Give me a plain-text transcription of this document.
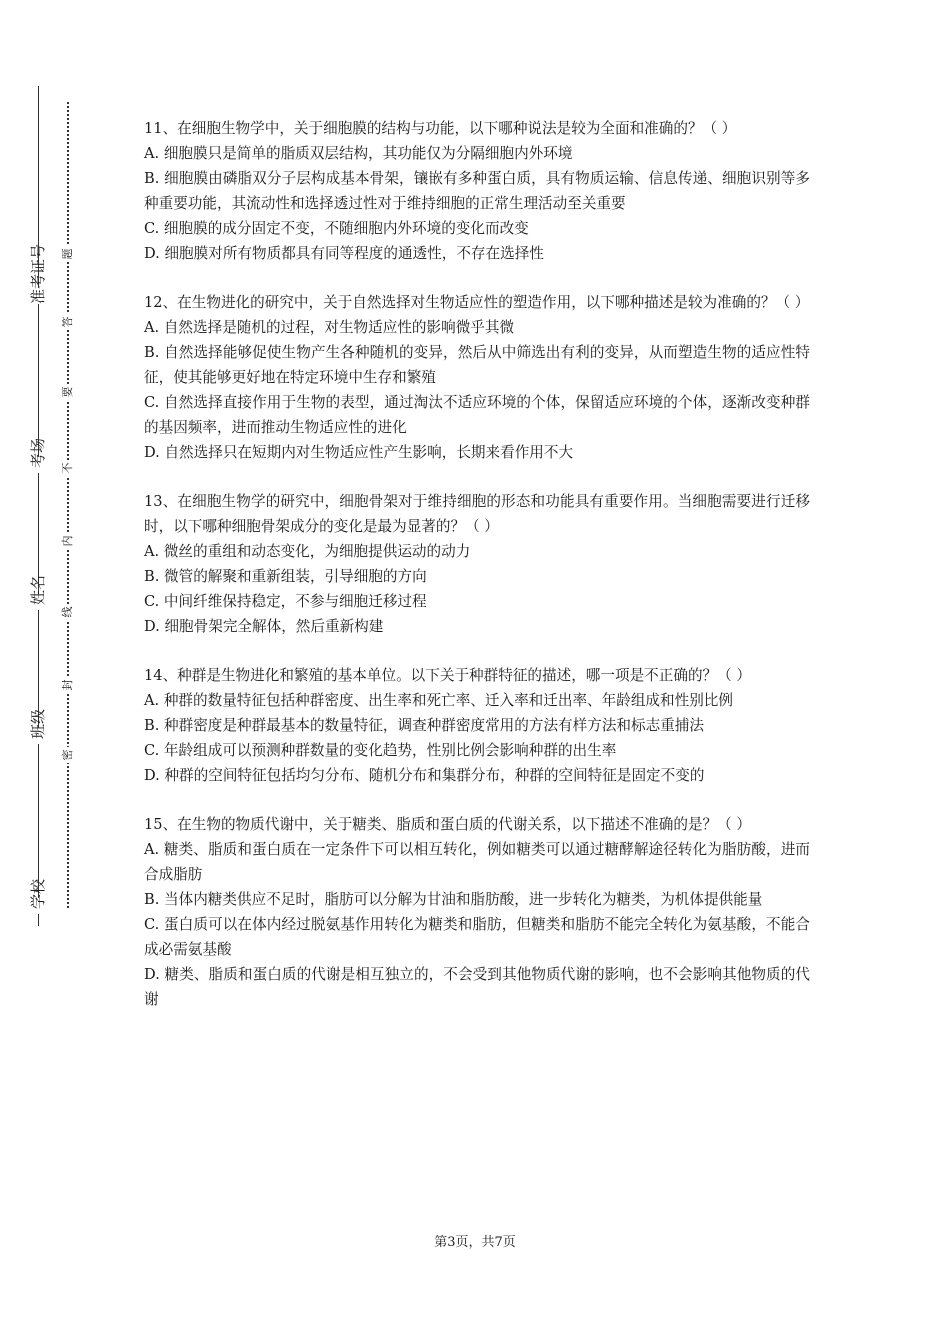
准考证号
考场
姓名
班级
学校
题
答
要
不
内
线
封
密

11、在细胞生物学中，关于细胞膜的结构与功能，以下哪种说法是较为全面和准确的？（ ）

A. 细胞膜只是简单的脂质双层结构，其功能仅为分隔细胞内外环境

B. 细胞膜由磷脂双分子层构成基本骨架，镶嵌有多种蛋白质，具有物质运输、信息传递、细胞识别等多种重要功能，其流动性和选择透过性对于维持细胞的正常生理活动至关重要

C. 细胞膜的成分固定不变，不随细胞内外环境的变化而改变

D. 细胞膜对所有物质都具有同等程度的通透性，不存在选择性

12、在生物进化的研究中，关于自然选择对生物适应性的塑造作用，以下哪种描述是较为准确的？（ ）

A. 自然选择是随机的过程，对生物适应性的影响微乎其微

B. 自然选择能够促使生物产生各种随机的变异，然后从中筛选出有利的变异，从而塑造生物的适应性特征，使其能够更好地在特定环境中生存和繁殖

C. 自然选择直接作用于生物的表型，通过淘汰不适应环境的个体，保留适应环境的个体，逐渐改变种群的基因频率，进而推动生物适应性的进化

D. 自然选择只在短期内对生物适应性产生影响，长期来看作用不大

13、在细胞生物学的研究中，细胞骨架对于维持细胞的形态和功能具有重要作用。当细胞需要进行迁移时，以下哪种细胞骨架成分的变化是最为显著的？（ ）

A. 微丝的重组和动态变化，为细胞提供运动的动力

B. 微管的解聚和重新组装，引导细胞的方向

C. 中间纤维保持稳定，不参与细胞迁移过程

D. 细胞骨架完全解体，然后重新构建

14、种群是生物进化和繁殖的基本单位。以下关于种群特征的描述，哪一项是不正确的？（ ）

A. 种群的数量特征包括种群密度、出生率和死亡率、迁入率和迁出率、年龄组成和性别比例

B. 种群密度是种群最基本的数量特征，调查种群密度常用的方法有样方法和标志重捕法

C. 年龄组成可以预测种群数量的变化趋势，性别比例会影响种群的出生率

D. 种群的空间特征包括均匀分布、随机分布和集群分布，种群的空间特征是固定不变的

15、在生物的物质代谢中，关于糖类、脂质和蛋白质的代谢关系，以下描述不准确的是？（ ）

A. 糖类、脂质和蛋白质在一定条件下可以相互转化，例如糖类可以通过糖酵解途径转化为脂肪酸，进而合成脂肪

B. 当体内糖类供应不足时，脂肪可以分解为甘油和脂肪酸，进一步转化为糖类，为机体提供能量

C. 蛋白质可以在体内经过脱氨基作用转化为糖类和脂肪，但糖类和脂肪不能完全转化为氨基酸，不能合成必需氨基酸

D. 糖类、脂质和蛋白质的代谢是相互独立的，不会受到其他物质代谢的影响，也不会影响其他物质的代谢

第3页，共7页
